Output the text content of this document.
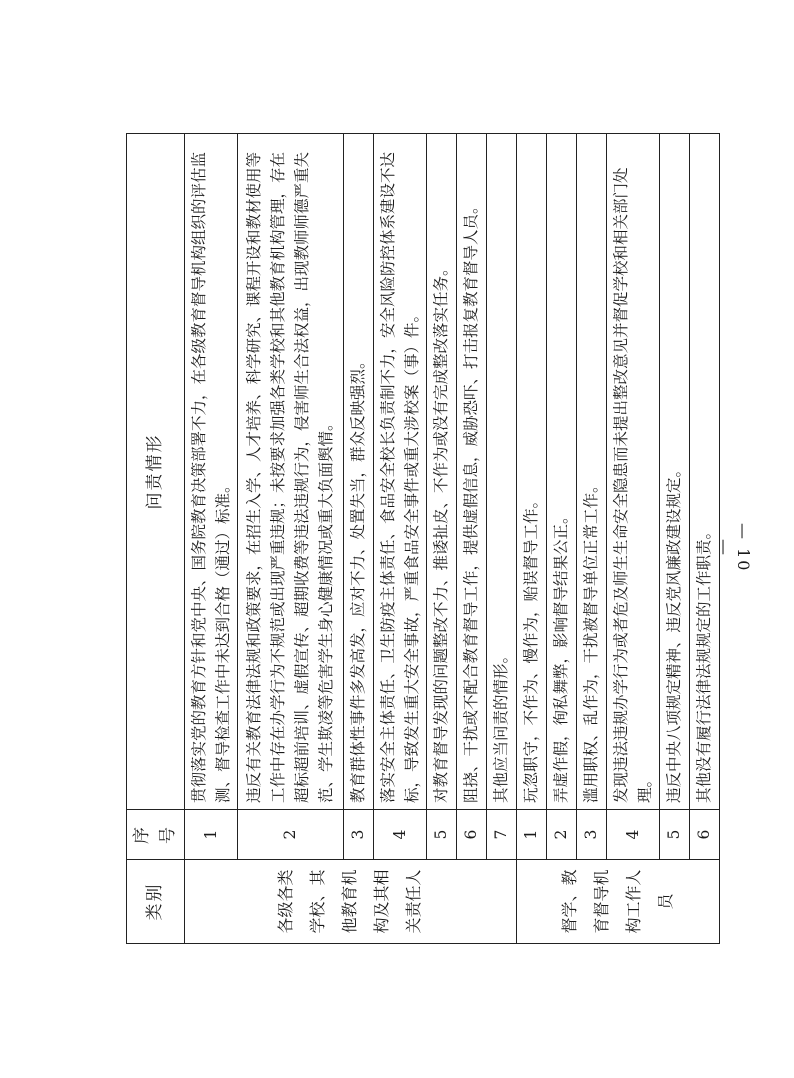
类别	序号	问责情形
各级各类学校、其他教育机构及其相关责任人	1	贯彻落实党的教育方针和党中央、国务院教育决策部署不力，在各级教育督导机构组织的评估监测、督导检查工作中未达到合格（通过）标准。
	2	违反有关教育法律法规和政策要求，在招生入学、人才培养、科学研究、课程开设和教材使用等工作中存在办学行为不规范或出现严重违规；未按要求加强各类学校和其他教育机构管理，存在超标超前培训、虚假宣传、超期收费等违法违规行为，侵害师生合法权益，出现教师师德严重失范、学生欺凌等危害学生身心健康情况或重大负面舆情。
	3	教育群体性事件多发高发，应对不力、处置失当，群众反映强烈。
	4	落实安全主体责任、卫生防疫主体责任、食品安全校长负责制不力，安全风险防控体系建设不达标，导致发生重大安全事故，严重食品安全事件或重大涉校案（事）件。
	5	对教育督导发现的问题整改不力、推诿扯皮、不作为或没有完成整改落实任务。
	6	阻挠、干扰或不配合教育督导工作，提供虚假信息，威胁恐吓、打击报复教育督导人员。
	7	其他应当问责的情形。
督学、教育督导机构工作人员	1	玩忽职守，不作为、慢作为，贻误督导工作。
	2	弄虚作假，徇私舞弊，影响督导结果公正。
	3	滥用职权、乱作为，干扰被督导单位正常工作。
	4	发现违法违规办学行为或者危及师生生命安全隐患而未提出整改意见并督促学校和相关部门处理。
	5	违反中央八项规定精神、违反党风廉政建设规定。
	6	其他没有履行法律法规规定的工作职责。	— 10 —
